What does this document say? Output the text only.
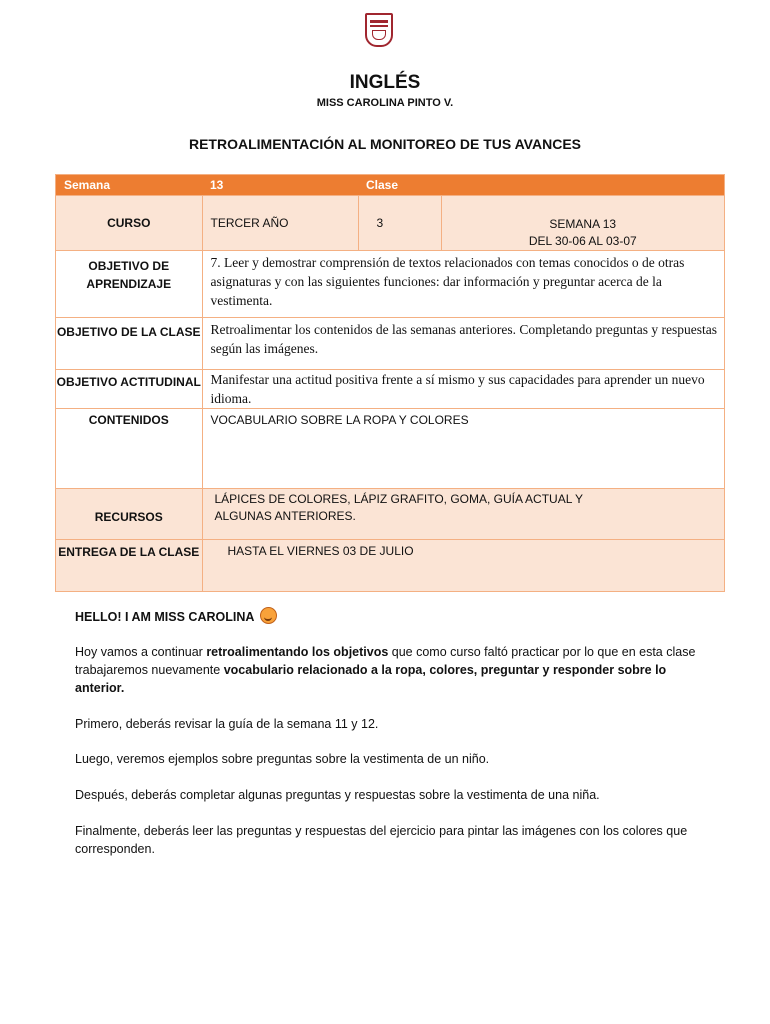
INGLÉS
MISS CAROLINA PINTO V.
RETROALIMENTACIÓN AL MONITOREO DE TUS AVANCES
Semana	13	Clase	
CURSO	TERCER AÑO	3	SEMANA 13
DEL 30-06 AL 03-07

OBJETIVO DE APRENDIZAJE	7. Leer y demostrar comprensión de textos relacionados con temas conocidos o de otras asignaturas y con las siguientes funciones: dar información y preguntar acerca de la vestimenta.		
OBJETIVO DE LA CLASE	Retroalimentar los contenidos de las semanas anteriores. Completando preguntas y respuestas según las imágenes.		
OBJETIVO ACTITUDINAL	Manifestar una actitud positiva frente a sí mismo y sus capacidades para aprender un nuevo idioma.		
CONTENIDOS	VOCABULARIO SOBRE LA ROPA Y COLORES		
RECURSOS	LÁPICES DE COLORES, LÁPIZ GRAFITO, GOMA, GUÍA ACTUAL Y ALGUNAS ANTERIORES.		
ENTREGA DE LA CLASE	HASTA EL VIERNES 03 DE JULIO		
HELLO! I AM MISS CAROLINA
Hoy vamos a continuar retroalimentando los objetivos que como curso faltó practicar por lo que en esta clase trabajaremos nuevamente vocabulario relacionado a la ropa, colores, preguntar y responder sobre lo anterior.
Primero, deberás revisar la guía de la semana 11 y 12.
Luego, veremos ejemplos sobre preguntas sobre la vestimenta de un niño.
Después, deberás completar algunas preguntas y respuestas sobre la vestimenta de una niña.
Finalmente, deberás leer las preguntas y respuestas del ejercicio para pintar las imágenes con los colores que corresponden.
